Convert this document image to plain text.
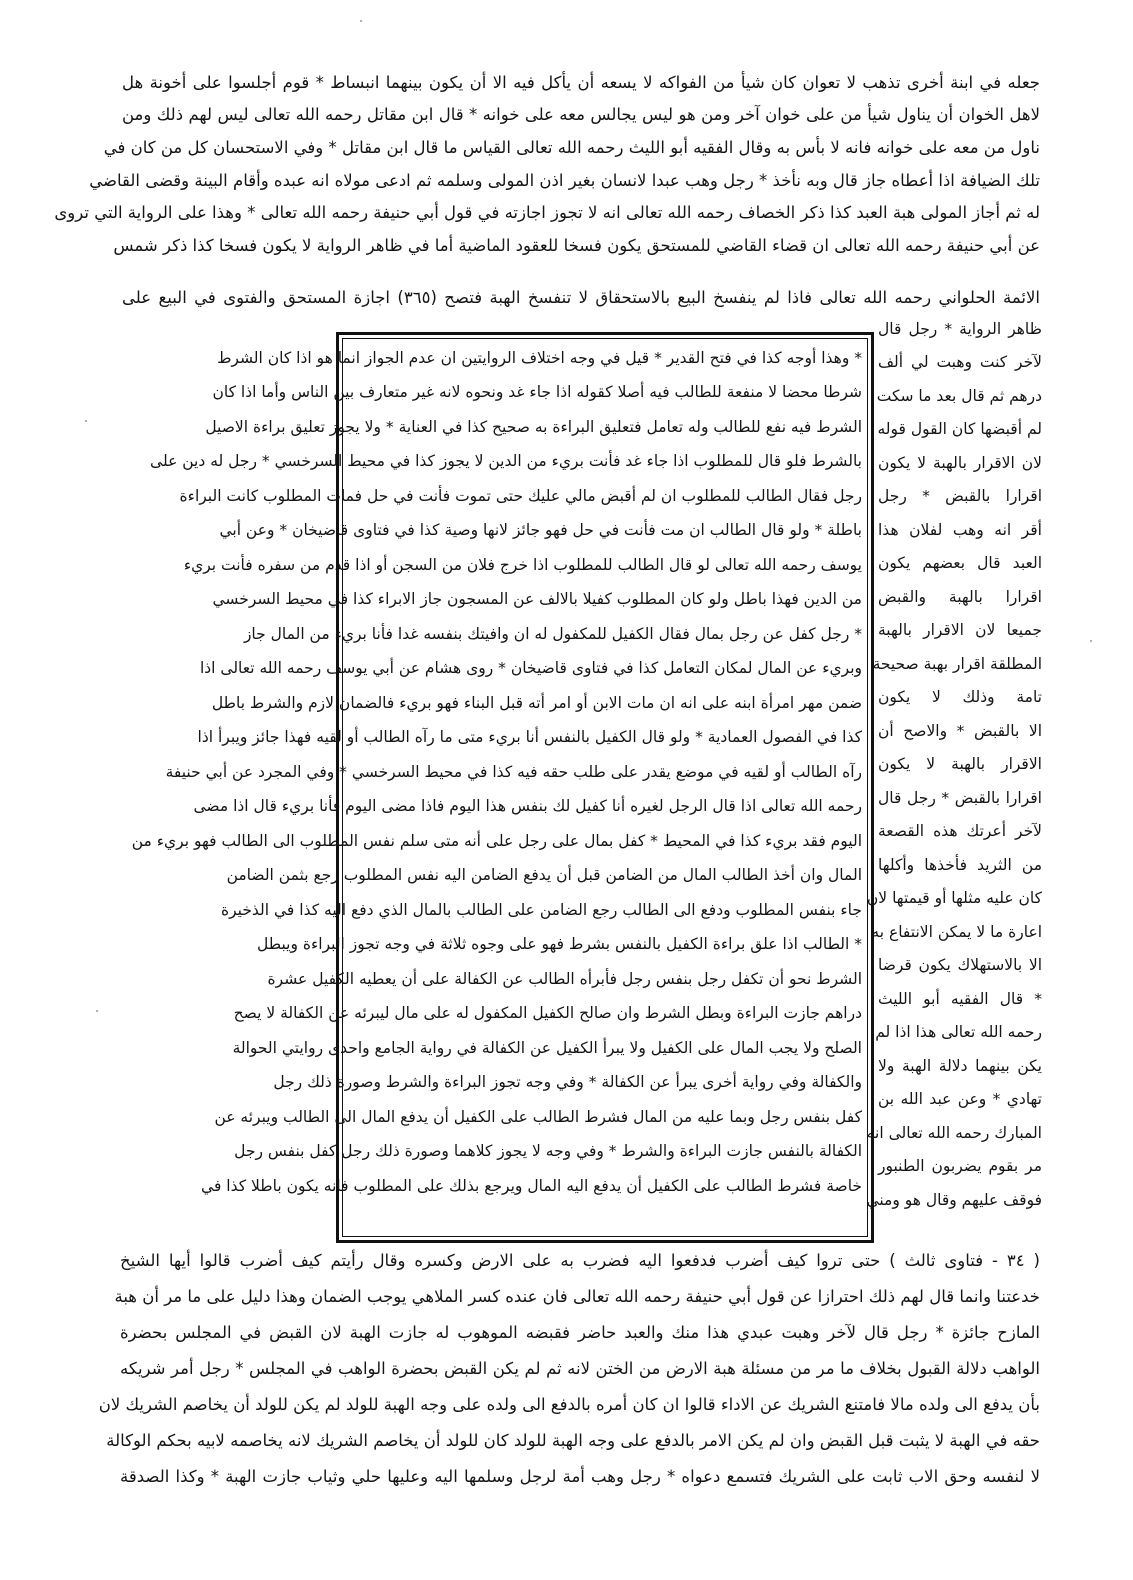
جعله في ابنة أخرى تذهب لا تعوان كان شيأ من الفواكه لا يسعه أن يأكل فيه الا أن يكون بينهما انبساط * قوم أجلسوا على أخونة هل
لاهل الخوان أن يناول شيأ من على خوان آخر ومن هو ليس يجالس معه على خوانه * قال ابن مقاتل رحمه الله تعالى ليس لهم ذلك ومن
ناول من معه على خوانه فانه لا بأس به وقال الفقيه أبو الليث رحمه الله تعالى القياس ما قال ابن مقاتل * وفي الاستحسان كل من كان في
تلك الضيافة اذا أعطاه جاز قال وبه نأخذ * رجل وهب عبدا لانسان بغير اذن المولى وسلمه ثم ادعى مولاه انه عبده وأقام البينة وقضى القاضي
له ثم أجاز المولى هبة العبد كذا ذكر الخصاف رحمه الله تعالى انه لا تجوز اجازته في قول أبي حنيفة رحمه الله تعالى * وهذا على الرواية التي تروى
عن أبي حنيفة رحمه الله تعالى ان قضاء القاضي للمستحق يكون فسخا للعقود الماضية أما في ظاهر الرواية لا يكون فسخا كذا ذكر شمس
الائمة الحلواني رحمه الله تعالى فاذا لم ينفسخ البيع بالاستحقاق لا تنفسخ الهبة فتصح (٣٦٥) اجازة المستحق والفتوى في البيع على
ظاهر الرواية * رجل قال
لآخر كنت وهبت لي ألف
درهم ثم قال بعد ما سكت
لم أقبضها كان القول قوله
لان الاقرار بالهبة لا يكون
اقرارا بالقبض * رجل
أقر انه وهب لفلان هذا
العبد قال بعضهم يكون
اقرارا بالهبة والقبض
جميعا لان الاقرار بالهبة
المطلقة اقرار بهبة صحيحة
تامة وذلك لا يكون
الا بالقبض * والاصح أن
الاقرار بالهبة لا يكون
اقرارا بالقبض * رجل قال
لآخر أعرتك هذه القصعة
من الثريد فأخذها وأكلها
كان عليه مثلها أو قيمتها لان
اعارة ما لا يمكن الانتفاع به
الا بالاستهلاك يكون قرضا
* قال الفقيه أبو الليث
رحمه الله تعالى هذا اذا لم
يكن بينهما دلالة الهبة ولا
تهادي * وعن عبد الله بن
المبارك رحمه الله تعالى انه
مر بقوم يضربون الطنبور
فوقف عليهم وقال هو ومني
* وهذا أوجه كذا في فتح القدير * قيل في وجه اختلاف الروايتين ان عدم الجواز انما هو اذا كان الشرط
شرطا محضا لا منفعة للطالب فيه أصلا كقوله اذا جاء غد ونحوه لانه غير متعارف بين الناس وأما اذا كان
الشرط فيه نفع للطالب وله تعامل فتعليق البراءة به صحيح كذا في العناية * ولا يجوز تعليق براءة الاصيل
بالشرط فلو قال للمطلوب اذا جاء غد فأنت بريء من الدين لا يجوز كذا في محيط السرخسي * رجل له دين على
رجل فقال الطالب للمطلوب ان لم أقبض مالي عليك حتى تموت فأنت في حل فمات المطلوب كانت البراءة
باطلة * ولو قال الطالب ان مت فأنت في حل فهو جائز لانها وصية كذا في فتاوى قاضيخان * وعن أبي
يوسف رحمه الله تعالى لو قال الطالب للمطلوب اذا خرج فلان من السجن أو اذا قدم من سفره فأنت بريء
من الدين فهذا باطل ولو كان المطلوب كفيلا بالالف عن المسجون جاز الابراء كذا في محيط السرخسي
* رجل كفل عن رجل بمال فقال الكفيل للمكفول له ان وافيتك بنفسه غدا فأنا بريء من المال جاز
وبريء عن المال لمكان التعامل كذا في فتاوى قاضيخان * روى هشام عن أبي يوسف رحمه الله تعالى اذا
ضمن مهر امرأة ابنه على انه ان مات الابن أو امر أته قبل البناء فهو بريء فالضمان لازم والشرط باطل
كذا في الفصول العمادية * ولو قال الكفيل بالنفس أنا بريء متى ما رآه الطالب أو لقيه فهذا جائز ويبرأ اذا
رآه الطالب أو لقيه في موضع يقدر على طلب حقه فيه كذا في محيط السرخسي * وفي المجرد عن أبي حنيفة
رحمه الله تعالى اذا قال الرجل لغيره أنا كفيل لك بنفس هذا اليوم فاذا مضى اليوم فأنا بريء قال اذا مضى
اليوم فقد بريء كذا في المحيط * كفل بمال على رجل على أنه متى سلم نفس المطلوب الى الطالب فهو بريء من
المال وان أخذ الطالب المال من الضامن قبل أن يدفع الضامن اليه نفس المطلوب رجع بثمن الضامن
جاء بنفس المطلوب ودفع الى الطالب رجع الضامن على الطالب بالمال الذي دفع اليه كذا في الذخيرة
* الطالب اذا علق براءة الكفيل بالنفس بشرط فهو على وجوه ثلاثة في وجه تجوز البراءة ويبطل
الشرط نحو أن تكفل رجل بنفس رجل فأبرأه الطالب عن الكفالة على أن يعطيه الكفيل عشرة
دراهم جازت البراءة وبطل الشرط وان صالح الكفيل المكفول له على مال ليبرئه عن الكفالة لا يصح
الصلح ولا يجب المال على الكفيل ولا يبرأ الكفيل عن الكفالة في رواية الجامع واحدى روايتي الحوالة
والكفالة وفي رواية أخرى يبرأ عن الكفالة * وفي وجه تجوز البراءة والشرط وصورة ذلك رجل
كفل بنفس رجل وبما عليه من المال فشرط الطالب على الكفيل أن يدفع المال الى الطالب ويبرئه عن
الكفالة بالنفس جازت البراءة والشرط * وفي وجه لا يجوز كلاهما وصورة ذلك رجل كفل بنفس رجل
خاصة فشرط الطالب على الكفيل أن يدفع اليه المال ويرجع بذلك على المطلوب فانه يكون باطلا كذا في
( ٣٤ - فتاوى ثالث ) حتى تروا كيف أضرب فدفعوا اليه فضرب به على الارض وكسره وقال رأيتم كيف أضرب قالوا أيها الشيخ
خدعتنا وانما قال لهم ذلك احترازا عن قول أبي حنيفة رحمه الله تعالى فان عنده كسر الملاهي يوجب الضمان وهذا دليل على ما مر أن هبة
المازح جائزة * رجل قال لآخر وهبت عبدي هذا منك والعبد حاضر فقبضه الموهوب له جازت الهبة لان القبض في المجلس بحضرة
الواهب دلالة القبول بخلاف ما مر من مسئلة هبة الارض من الختن لانه ثم لم يكن القبض بحضرة الواهب في المجلس * رجل أمر شريكه
بأن يدفع الى ولده مالا فامتنع الشريك عن الاداء قالوا ان كان أمره بالدفع الى ولده على وجه الهبة للولد لم يكن للولد أن يخاصم الشريك لان
حقه في الهبة لا يثبت قبل القبض وان لم يكن الامر بالدفع على وجه الهبة للولد كان للولد أن يخاصم الشريك لانه يخاصمه لابيه بحكم الوكالة
لا لنفسه وحق الاب ثابت على الشريك فتسمع دعواه * رجل وهب أمة لرجل وسلمها اليه وعليها حلي وثياب جازت الهبة * وكذا الصدقة
